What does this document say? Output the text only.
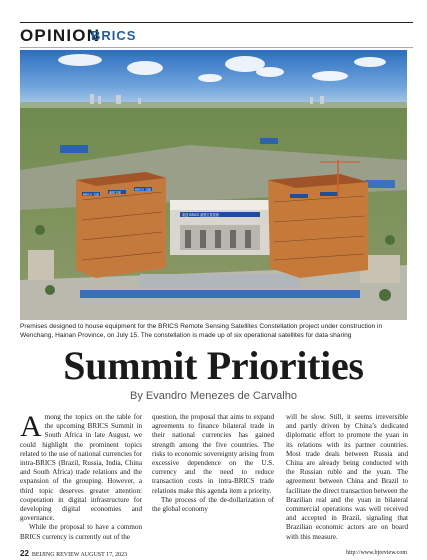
OPINION
BRICS
BRICS 卫星	遥感卫星
BRICS 卫星
欢迎 BRICS 遥感卫星星座
Premises designed to house equipment for the BRICS Remote Sensing Satellites Constellation project under construction in Wenchang, Hainan Province, on July 15. The constellation is made up of six operational satellites for data sharing
Summit Priorities
By Evandro Menezes de Carvalho

Among the topics on the table for the upcoming BRICS Summit in South Africa in late August, we could highlight the prominent topics related to the use of national currencies for intra-BRICS (Brazil, Russia, India, China and South Africa) trade relations and the expansion of the grouping. However, a third topic deserves greater attention: cooperation in digital infrastructure for developing digital economies and governance.

While the proposal to have a common BRICS currency is currently out of the

question, the proposal that aims to expand agreements to finance bilateral trade in their national currencies has gained strength among the five countries. The risks to economic sovereignty arising from excessive dependence on the U.S. currency and the need to reduce transaction costs in intra-BRICS trade relations make this agenda item a priority.

The process of the de-dollarization of the global economy

will be slow. Still, it seems irreversible and partly driven by China’s dedicated diplomatic effort to promote the yuan in its relations with its partner countries. Most trade deals between Russia and China are already being conducted with the Russian ruble and the yuan. The agreement between China and Brazil to facilitate the direct transaction between the Brazilian real and the yuan in bilateral commercial operations was well received and accepted in Brazil, signaling that Brazilian economic actors are on board with this measure.

22 BEIJING REVIEW AUGUST 17, 2023	http://www.bjreview.com
